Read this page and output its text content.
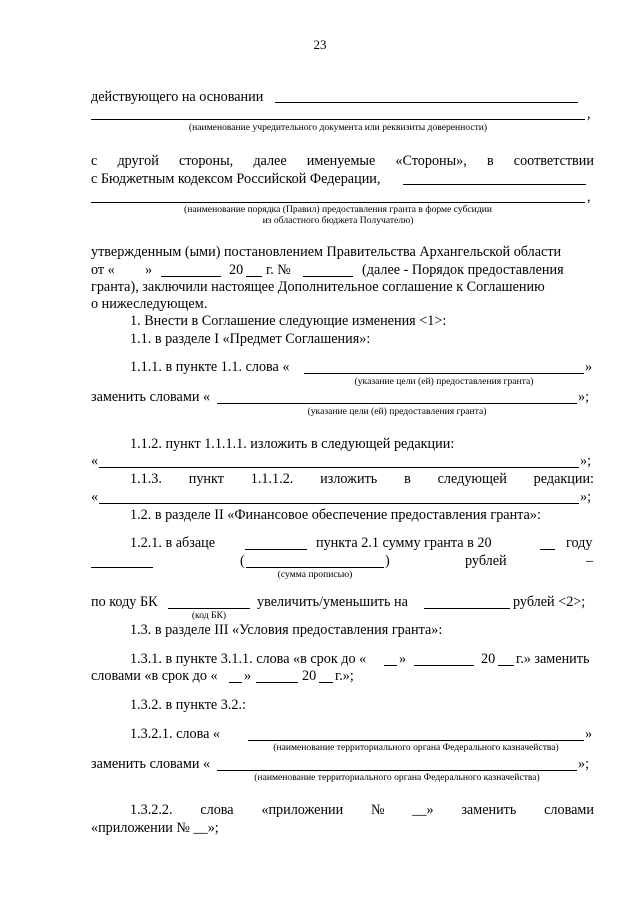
23
действующего на основании
,
(наименование учредительного документа или реквизиты доверенности)
с другой стороны, далее именуемые «Стороны», в соответствии
с Бюджетным кодексом Российской Федерации,
,
(наименование порядка (Правил) предоставления гранта в форме субсидии
из областного бюджета Получателю)
утвержденным (ыми) постановлением Правительства Архангельской области
от « »	20 г. №	(далее - Порядок предоставления
гранта), заключили настоящее Дополнительное соглашение к Соглашению
о нижеследующем.
1. Внести в Соглашение следующие изменения <1>:
1.1. в разделе I «Предмет Соглашения»:
1.1.1. в пункте 1.1. слова «	»
(указание цели (ей) предоставления гранта)
заменить словами «	»;
(указание цели (ей) предоставления гранта)
1.1.2. пункт 1.1.1.1. изложить в следующей редакции:
«	»;
1.1.3. пункт 1.1.1.2. изложить в следующей редакции:
«	»;
1.2. в разделе II «Финансовое обеспечение предоставления гранта»:
1.2.1. в абзаце	пункта 2.1 сумму гранта в 20	году
(	)	рублей	–
(сумма прописью)
по коду БК	увеличить/уменьшить на	рублей <2>;
(код БК)
1.3. в разделе III «Условия предоставления гранта»:
1.3.1. в пункте 3.1.1. слова «в срок до « »	20 г.» заменить
словами «в срок до « »	20 г.»;
1.3.2. в пункте 3.2.:
1.3.2.1. слова «	»
(наименование территориального органа Федерального казначейства)
заменить словами «	»;
(наименование территориального органа Федерального казначейства)
1.3.2.2. слова «приложении № __» заменить словами
«приложении № __»;
